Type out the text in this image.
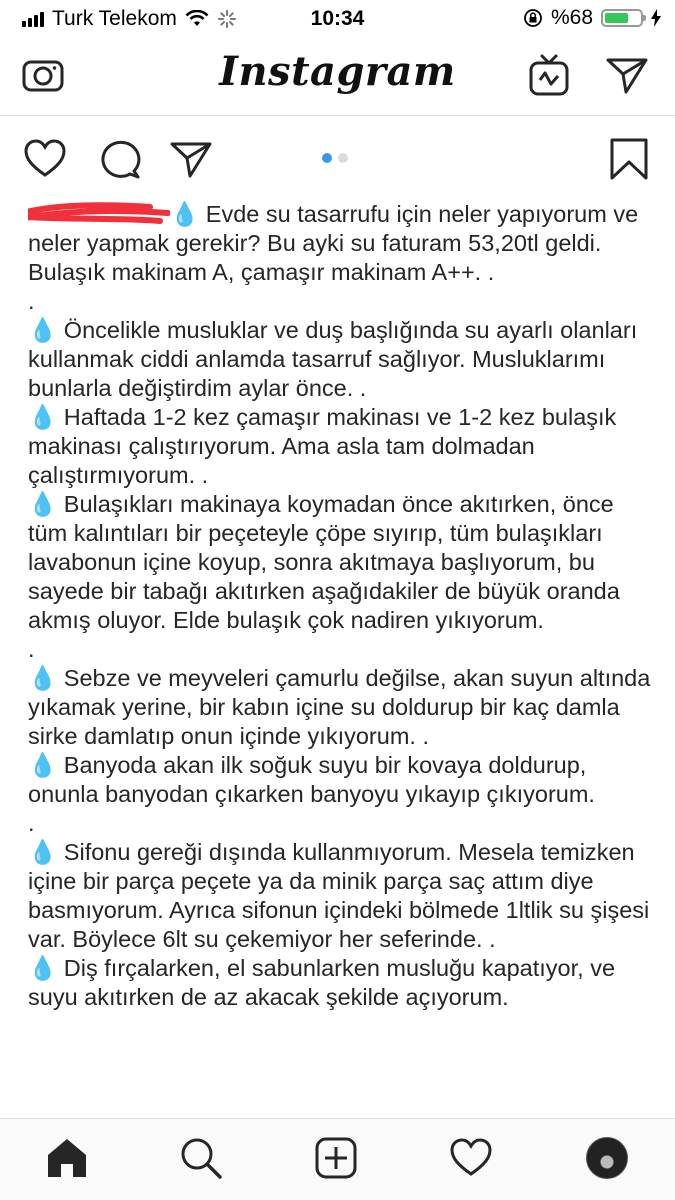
Turk Telekom	10:34	%68
Instagram

💧 Evde su tasarrufu için neler yapıyorum ve neler yapmak gerekir? Bu ayki su faturam 53,20tl geldi. Bulaşık makinam A, çamaşır makinam A++. .

.

💧 Öncelikle musluklar ve duş başlığında su ayarlı olanları kullanmak ciddi anlamda tasarruf sağlıyor. Musluklarımı bunlarla değiştirdim aylar önce. .

💧 Haftada 1-2 kez çamaşır makinası ve 1-2 kez bulaşık makinası çalıştırıyorum. Ama asla tam dolmadan çalıştırmıyorum. .

💧 Bulaşıkları makinaya koymadan önce akıtırken, önce tüm kalıntıları bir peçeteyle çöpe sıyırıp, tüm bulaşıkları lavabonun içine koyup, sonra akıtmaya başlıyorum, bu sayede bir tabağı akıtırken aşağıdakiler de büyük oranda akmış oluyor. Elde bulaşık çok nadiren yıkıyorum.

.

💧 Sebze ve meyveleri çamurlu değilse, akan suyun altında yıkamak yerine, bir kabın içine su doldurup bir kaç damla sirke damlatıp onun içinde yıkıyorum. .

💧 Banyoda akan ilk soğuk suyu bir kovaya doldurup, onunla banyodan çıkarken banyoyu yıkayıp çıkıyorum.

.

💧 Sifonu gereği dışında kullanmıyorum. Mesela temizken içine bir parça peçete ya da minik parça saç attım diye basmıyorum. Ayrıca sifonun içindeki bölmede 1ltlik su şişesi var. Böylece 6lt su çekemiyor her seferinde. .

💧 Diş fırçalarken, el sabunlarken musluğu kapatıyor, ve suyu akıtırken de az akacak şekilde açıyorum.
